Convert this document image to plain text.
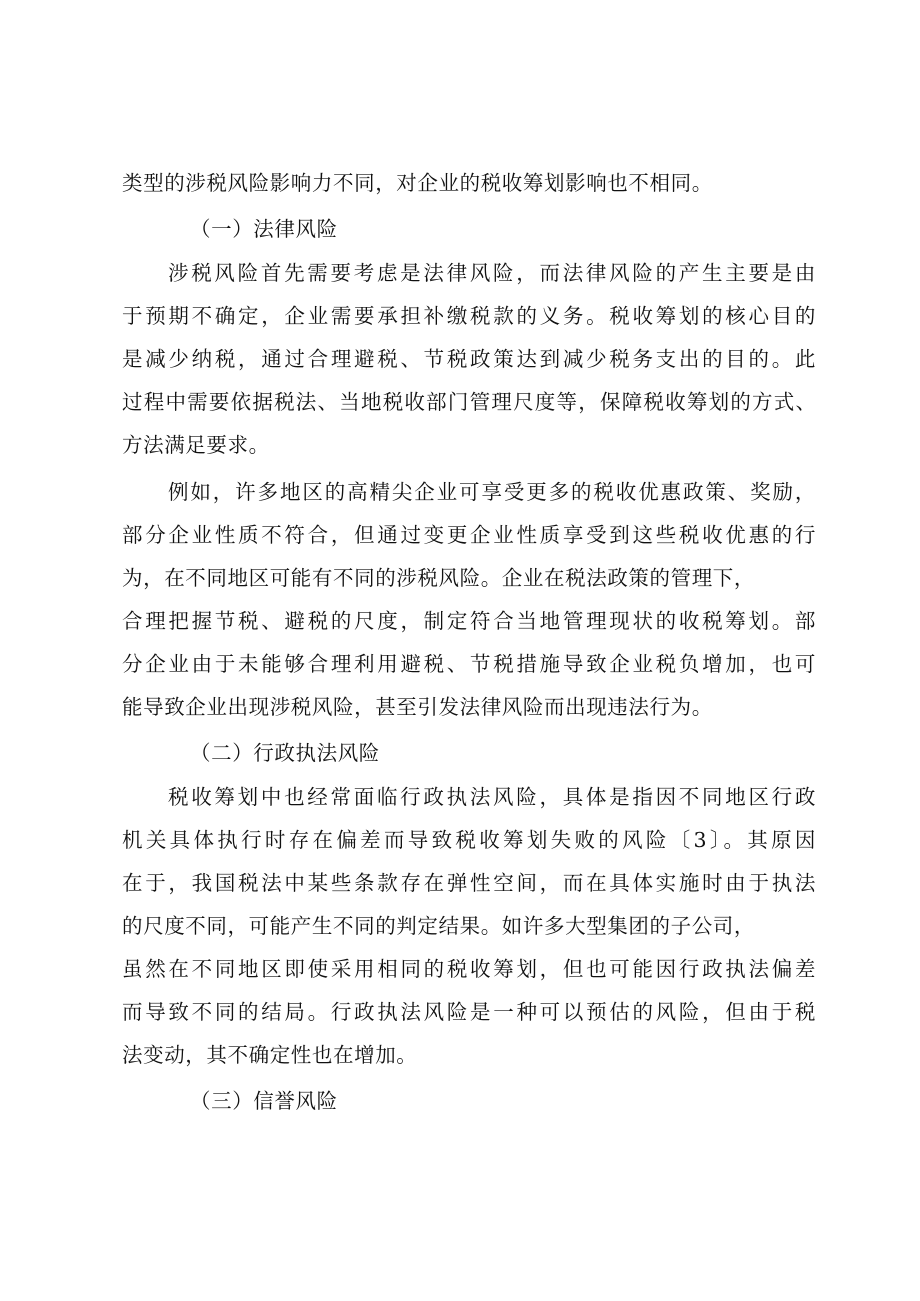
类型的涉税风险影响力不同，对企业的税收筹划影响也不相同。
（一）法律风险
涉税风险首先需要考虑是法律风险，而法律风险的产生主要是由
于预期不确定，企业需要承担补缴税款的义务。税收筹划的核心目的
是减少纳税，通过合理避税、节税政策达到减少税务支出的目的。此
过程中需要依据税法、当地税收部门管理尺度等，保障税收筹划的方式、
方法满足要求。
例如，许多地区的高精尖企业可享受更多的税收优惠政策、奖励，
部分企业性质不符合，但通过变更企业性质享受到这些税收优惠的行
为，在不同地区可能有不同的涉税风险。企业在税法政策的管理下，
合理把握节税、避税的尺度，制定符合当地管理现状的收税筹划。部
分企业由于未能够合理利用避税、节税措施导致企业税负增加，也可
能导致企业出现涉税风险，甚至引发法律风险而出现违法行为。
（二）行政执法风险
税收筹划中也经常面临行政执法风险，具体是指因不同地区行政
机关具体执行时存在偏差而导致税收筹划失败的风险〔3〕。其原因
在于，我国税法中某些条款存在弹性空间，而在具体实施时由于执法
的尺度不同，可能产生不同的判定结果。如许多大型集团的子公司，
虽然在不同地区即使采用相同的税收筹划，但也可能因行政执法偏差
而导致不同的结局。行政执法风险是一种可以预估的风险，但由于税
法变动，其不确定性也在增加。
（三）信誉风险
